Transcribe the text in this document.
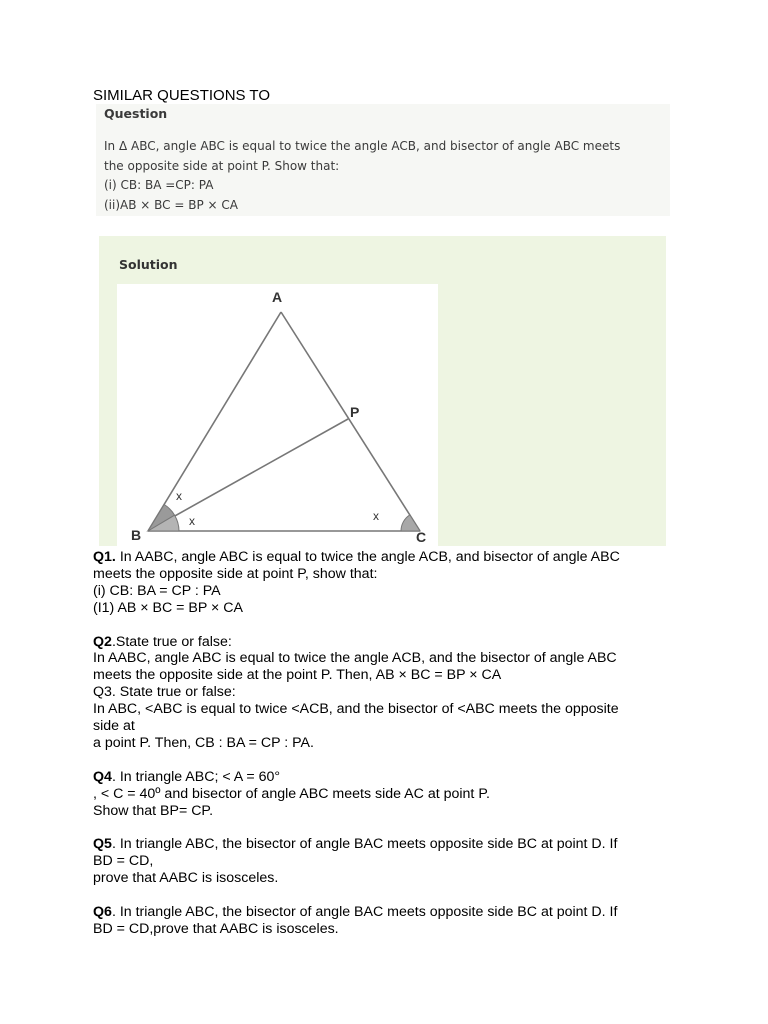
SIMILAR QUESTIONS TO
Question
In Δ ABC, angle ABC is equal to twice the angle ACB, and bisector of angle ABC meets
the opposite side at point P. Show that:
(i) CB: BA =CP: PA
(ii)AB × BC = BP × CA
Solution
A
B	C
P
x
x	x

Q1. In AABC, angle ABC is equal to twice the angle ACB, and bisector of angle ABC

meets the opposite side at point P, show that:

(i) CB: BA = CP : PA

(I1) AB × BC = BP × CA

Q2.State true or false:

In AABC, angle ABC is equal to twice the angle ACB, and the bisector of angle ABC

meets the opposite side at the point P. Then, AB × BC = BP × CA

Q3. State true or false:

In ABC, <ABC is equal to twice <ACB, and the bisector of <ABC meets the opposite

side at

a point P. Then, CB : BA = CP : PA.

Q4. In triangle ABC; < A = 60°

, < C = 40º and bisector of angle ABC meets side AC at point P.

Show that BP= CP.

Q5. In triangle ABC, the bisector of angle BAC meets opposite side BC at point D. If

BD = CD,

prove that AABC is isosceles.

Q6. In triangle ABC, the bisector of angle BAC meets opposite side BC at point D. If

BD = CD,prove that AABC is isosceles.
